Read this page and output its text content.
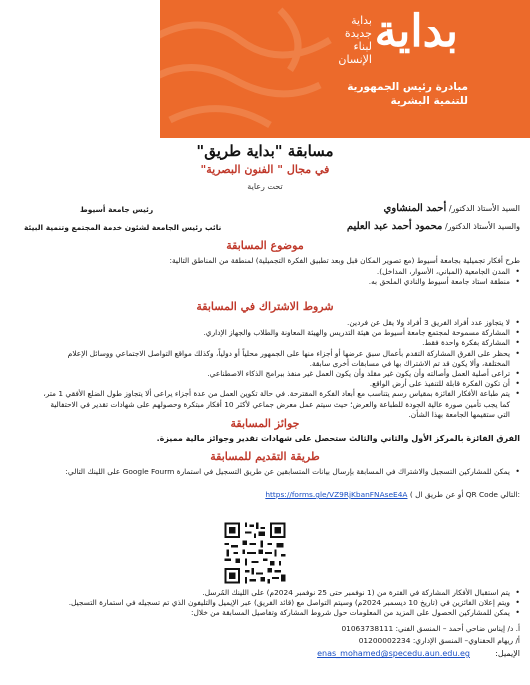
بداية
بداية
جديدة
لبناء
الإنسان
مبادرة رئيس الجمهورية
للتنمية البشرية
مسابقة "بداية طريق"
في مجال " الفنون البصرية"
تحت رعاية
السيد الأستاذ الدكتور/ أحمد المنشاوي
رئيس جامعة أسيوط
والسيد الأستاذ الدكتور/ محمود أحمد عبد العليم
نائب رئيس الجامعة لشئون خدمة المجتمع وتنمية البيئة
موضوع المسابقة
طرح أفكار تجميلية بجامعة أسيوط (مع تصوير المكان قبل وبعد تطبيق الفكرة التجميلية) لمنطقة من المناطق التالية:
• المدن الجامعية (المباني، الأسوار، المداخل).
• منطقة استاد جامعة أسيوط والنادي الملحق به.
شروط الاشتراك في المسابقة
• لا يتجاوز عدد أفراد الفريق 3 أفراد ولا يقل عن فردين.
• المشاركة مسموحة لمجتمع جامعة أسيوط من هيئة التدريس والهيئة المعاونة والطلاب والجهاز الإداري.
• المشاركة بفكرة واحدة فقط.
• يحظر على الفرق المشاركة التقدم بأعمال سبق عرضها أو أجزاء منها على الجمهور محلياً أو دولياً، وكذلك مواقع التواصل الاجتماعي ووسائل الإعلام المختلفة، وألا يكون قد تم الاشتراك بها في مسابقات أخرى سابقة.
• تراعى أصلية العمل وأصالته وأن يكون غير مقلد وأن يكون العمل غير منفذ ببرامج الذكاء الاصطناعي.
• أن تكون الفكرة قابلة للتنفيذ على أرض الواقع.
• يتم طباعة الأفكار الفائزة بمقياس رسم يتناسب مع أبعاد الفكرة المقترحة. في حالة تكوين العمل من عدة أجزاء يراعى ألا يتجاوز طول الضلع الأفقي 1 متر، كما يجب تأمين صورة عالية الجودة للطباعة والعرض؛ حيث سيتم عمل معرض جماعي لأكثر 10 أفكار مبتكرة وحصولهم على شهادات تقدير في الاحتفالية التي ستقيمها الجامعة بهذا الشأن.
جوائز المسابقة
الفرق الفائزة بالمركز الأول والثاني والثالث ستحصل على شهادات تقدير وجوائز مالية مميزة.
طريقة التقديم للمسابقة
• يمكن للمشاركين التسجيل والاشتراك في المسابقة بإرسال بيانات المتسابقين عن طريق التسجيل في استمارة Google Fourm على اللينك التالي:
https://forms.gle/VZ9RjKbanFNAseE4A ( أو عن طريق ال QR Code التالي:
• يتم استقبال الأفكار المشاركة في الفترة من (1 نوفمبر حتى 25 نوفمبر 2024م) على اللينك المُرسل.
• ويتم إعلان الفائزين في (تاريخ 10 ديسمبر 2024م) وسيتم التواصل مع (قائد الفريق) عبر الإيميل والتليفون الذي تم تسجيله في استمارة التسجيل.
• يمكن للمشاركين الحصول على المزيد من المعلومات حول شروط المشاركة وتفاصيل المسابقة من خلال:
أ. د/ إيناس ضاحي أحمد – المنسق الفني: 01063738111
أ/ ريهام الحفناوي– المنسق الإداري: 01200002234
الإيميل:
enas_mohamed@specedu.aun.edu.eg
